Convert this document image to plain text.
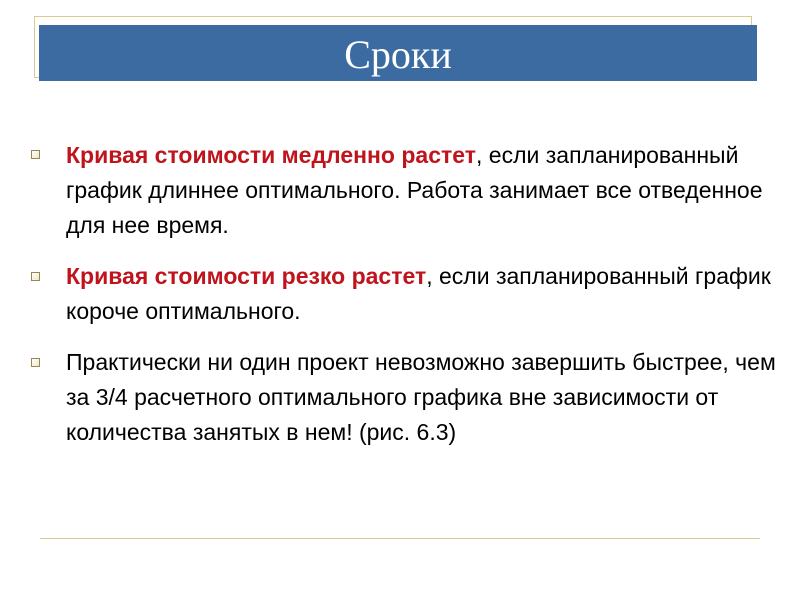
Сроки
Кривая стоимости медленно растет, если запланированный график длиннее оптимального. Работа занимает все отведенное для нее время.
Кривая стоимости резко растет, если запланированный график короче оптимального.
Практически ни один проект невозможно завершить быстрее, чем за 3/4 расчетного оптимального графика вне зависимости от количества занятых в нем! (рис. 6.3)
